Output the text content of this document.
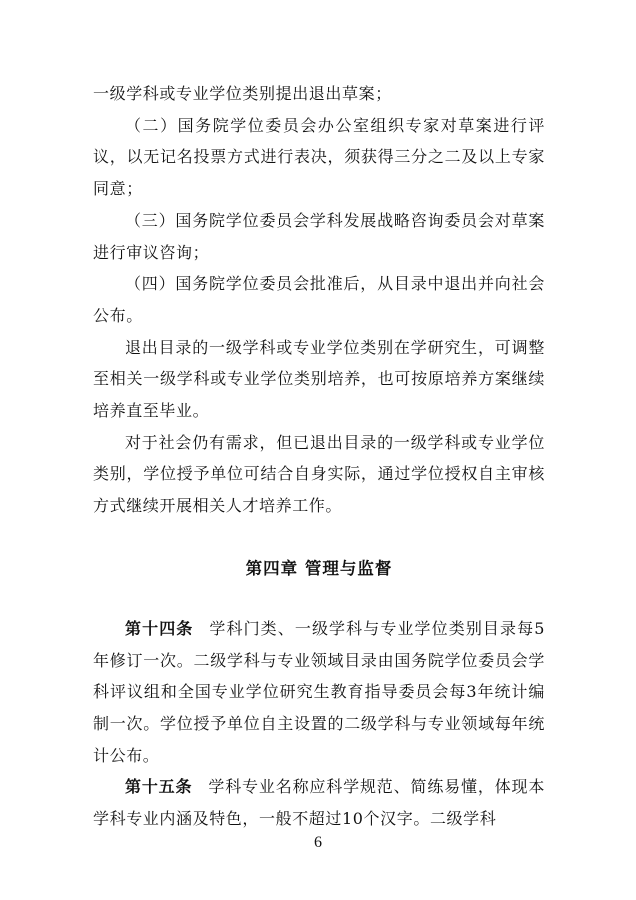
一级学科或专业学位类别提出退出草案；

（二）国务院学位委员会办公室组织专家对草案进行评议，以无记名投票方式进行表决，须获得三分之二及以上专家同意；

（三）国务院学位委员会学科发展战略咨询委员会对草案进行审议咨询；

（四）国务院学位委员会批准后，从目录中退出并向社会公布。

退出目录的一级学科或专业学位类别在学研究生，可调整至相关一级学科或专业学位类别培养，也可按原培养方案继续培养直至毕业。

对于社会仍有需求，但已退出目录的一级学科或专业学位类别，学位授予单位可结合自身实际，通过学位授权自主审核方式继续开展相关人才培养工作。

第四章 管理与监督

第十四条 学科门类、一级学科与专业学位类别目录每5年修订一次。二级学科与专业领域目录由国务院学位委员会学科评议组和全国专业学位研究生教育指导委员会每3年统计编制一次。学位授予单位自主设置的二级学科与专业领域每年统计公布。

第十五条 学科专业名称应科学规范、简练易懂，体现本学科专业内涵及特色，一般不超过10个汉字。二级学科

6
